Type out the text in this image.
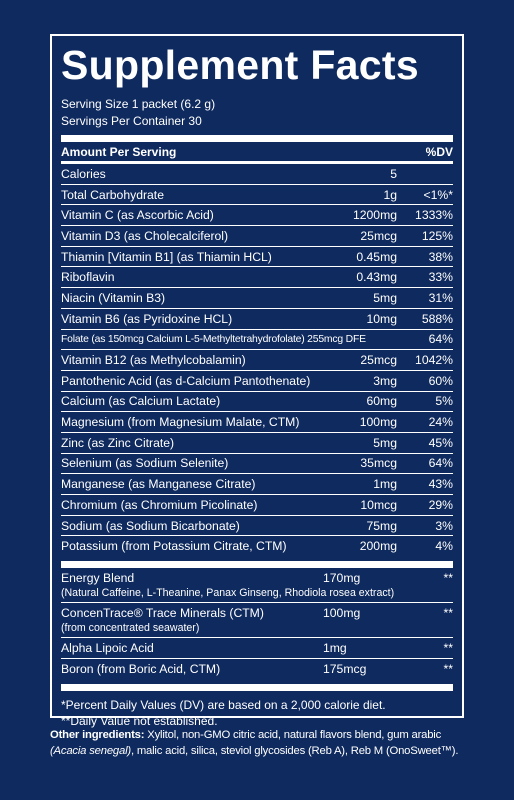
Supplement Facts
Serving Size 1 packet (6.2 g)
Servings Per Container 30
Amount Per Serving	%DV
Calories	5
Total Carbohydrate	1g	<1%*
Vitamin C (as Ascorbic Acid)	1200mg	1333%
Vitamin D3 (as Cholecalciferol)	25mcg	125%
Thiamin [Vitamin B1] (as Thiamin HCL)	0.45mg	38%
Riboflavin	0.43mg	33%
Niacin (Vitamin B3)	5mg	31%
Vitamin B6 (as Pyridoxine HCL)	10mg	588%
Folate (as 150mcg Calcium L-5-Methyltetrahydrofolate) 255mcg DFE	64%
Vitamin B12 (as Methylcobalamin)	25mcg	1042%
Pantothenic Acid (as d-Calcium Pantothenate)	3mg	60%
Calcium (as Calcium Lactate)	60mg	5%
Magnesium (from Magnesium Malate, CTM)	100mg	24%
Zinc (as Zinc Citrate)	5mg	45%
Selenium (as Sodium Selenite)	35mcg	64%
Manganese (as Manganese Citrate)	1mg	43%
Chromium (as Chromium Picolinate)	10mcg	29%
Sodium (as Sodium Bicarbonate)	75mg	3%
Potassium (from Potassium Citrate, CTM)	200mg	4%
Energy Blend	170mg	**
(Natural Caffeine, L-Theanine, Panax Ginseng, Rhodiola rosea extract)
ConcenTrace® Trace Minerals (CTM)	100mg	**
(from concentrated seawater)
Alpha Lipoic Acid	1mg	**
Boron (from Boric Acid, CTM)	175mcg	**
*Percent Daily Values (DV) are based on a 2,000 calorie diet.
**Daily Value not established.
Other ingredients: Xylitol, non-GMO citric acid, natural flavors blend, gum arabic (Acacia senegal), malic acid, silica, steviol glycosides (Reb A), Reb M (OnoSweet™).
